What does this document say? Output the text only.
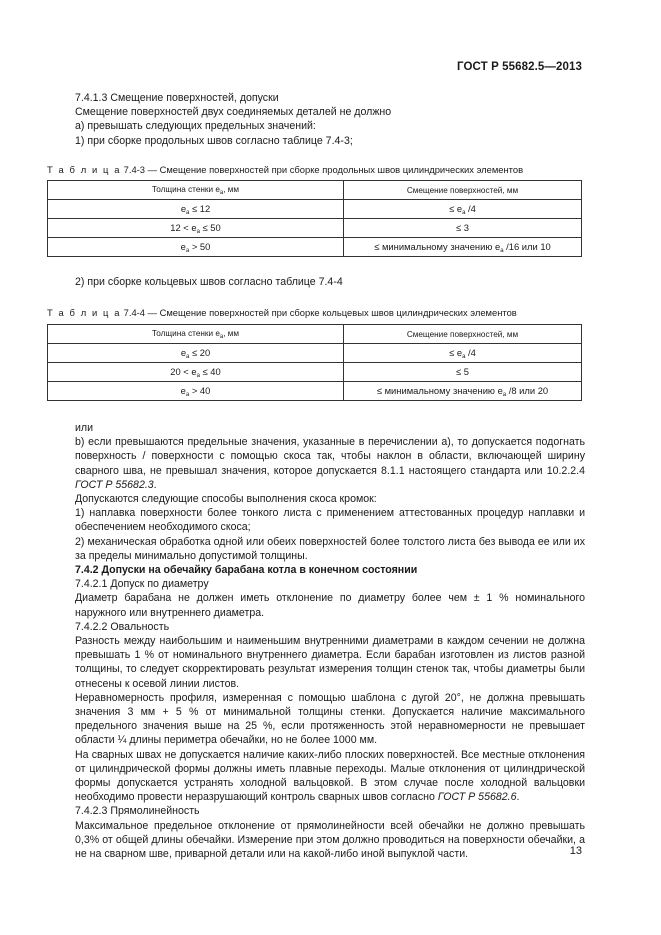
ГОСТ Р 55682.5—2013

7.4.1.3 Смещение поверхностей, допуски

Смещение поверхностей двух соединяемых деталей не должно

а) превышать следующих предельных значений:

1) при сборке продольных швов согласно таблице 7.4-3;

Т а б л и ц а 7.4-3 — Смещение поверхностей при сборке продольных швов цилиндрических элементов
Толщина стенки $e_a$, мм	Смещение поверхностей, мм
$e_a \le 12$	≤ $e_a$ /4
$12 < e_a \le 50$	≤ 3
$e_a > 50$	≤ минимальному значению $e_a$ /16 или 10
2) при сборке кольцевых швов согласно таблице 7.4-4
Т а б л и ц а 7.4-4 — Смещение поверхностей при сборке кольцевых швов цилиндрических элементов
Толщина стенки $e_a$, мм	Смещение поверхностей, мм
$e_a \le 20$	≤ $e_a$ /4
$20 < e_a \le 40$	≤ 5
$e_a > 40$	≤ минимальному значению $e_a$ /8 или 20

или

b) если превышаются предельные значения, указанные в перечислении а), то допускается подогнать поверхность / поверхности с помощью скоса так, чтобы наклон в области, включающей ширину сварного шва, не превышал значения, которое допускается 8.1.1 настоящего стандарта или 10.2.2.4 ГОСТ Р 55682.3.

Допускаются следующие способы выполнения скоса кромок:

1) наплавка поверхности более тонкого листа с применением аттестованных процедур наплавки и обеспечением необходимого скоса;

2) механическая обработка одной или обеих поверхностей более толстого листа без вывода ее или их за пределы минимально допустимой толщины.

7.4.2 Допуски на обечайку барабана котла в конечном состоянии

7.4.2.1 Допуск по диаметру

Диаметр барабана не должен иметь отклонение по диаметру более чем ± 1 % номинального наружного или внутреннего диаметра.

7.4.2.2 Овальность

Разность между наибольшим и наименьшим внутренними диаметрами в каждом сечении не должна превышать 1 % от номинального внутреннего диаметра. Если барабан изготовлен из листов разной толщины, то следует скорректировать результат измерения толщин стенок так, чтобы диаметры были отнесены к осевой линии листов.

Неравномерность профиля, измеренная с помощью шаблона с дугой 20°, не должна превышать значения 3 мм + 5 % от минимальной толщины стенки. Допускается наличие максимального предельного значения выше на 25 %, если протяженность этой неравномерности не превышает области ¼ длины периметра обечайки, но не более 1000 мм.

На сварных швах не допускается наличие каких-либо плоских поверхностей. Все местные отклонения от цилиндрической формы должны иметь плавные переходы. Малые отклонения от цилиндрической формы допускается устранять холодной вальцовкой. В этом случае после холодной вальцовки необходимо провести неразрушающий контроль сварных швов согласно ГОСТ Р 55682.6.

7.4.2.3 Прямолинейность

Максимальное предельное отклонение от прямолинейности всей обечайки не должно превышать 0,3% от общей длины обечайки. Измерение при этом должно проводиться на поверхности обечайки, а не на сварном шве, приварной детали или на какой-либо иной выпуклой части.	13
